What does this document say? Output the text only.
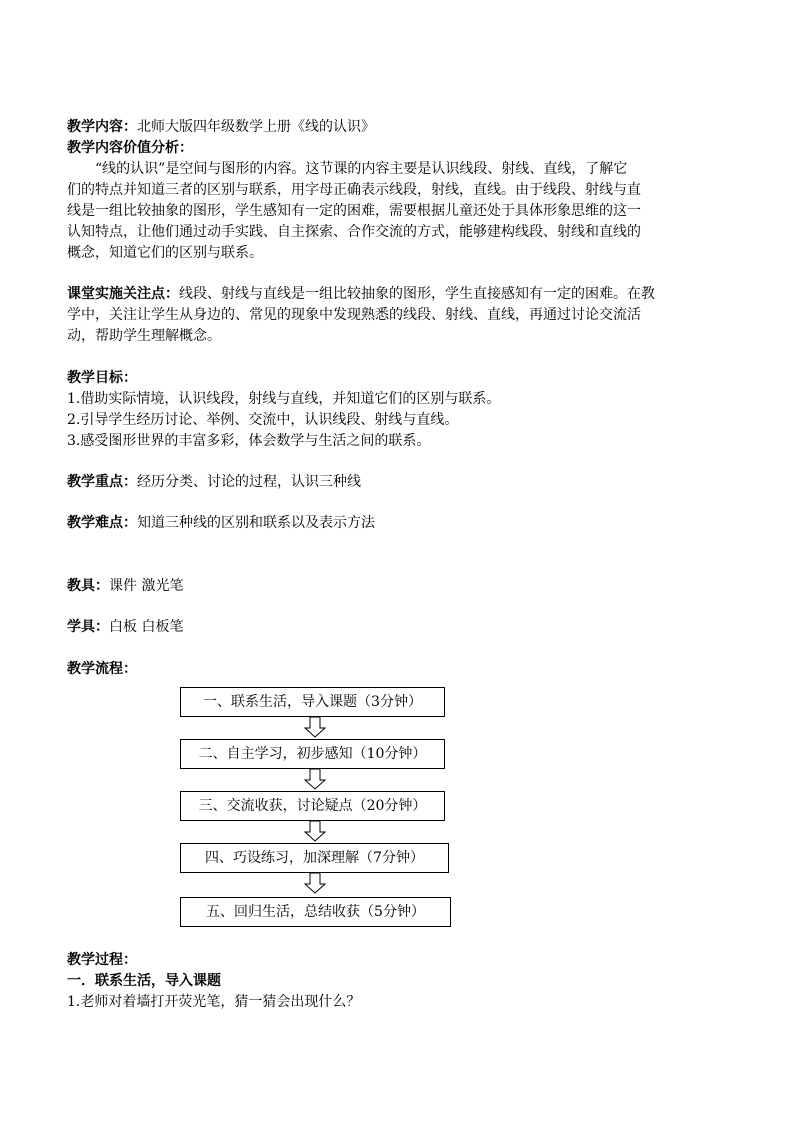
教学内容：北师大版四年级数学上册《线的认识》
教学内容价值分析：
“线的认识”是空间与图形的内容。这节课的内容主要是认识线段、射线、直线，了解它
们的特点并知道三者的区别与联系，用字母正确表示线段，射线，直线。由于线段、射线与直
线是一组比较抽象的图形，学生感知有一定的困难，需要根据儿童还处于具体形象思维的这一
认知特点，让他们通过动手实践、自主探索、合作交流的方式，能够建构线段、射线和直线的
概念，知道它们的区别与联系。
课堂实施关注点：线段、射线与直线是一组比较抽象的图形，学生直接感知有一定的困难。在教
学中，关注让学生从身边的、常见的现象中发现熟悉的线段、射线、直线，再通过讨论交流活
动，帮助学生理解概念。
教学目标：
1.借助实际情境，认识线段，射线与直线，并知道它们的区别与联系。
2.引导学生经历讨论、举例、交流中，认识线段、射线与直线。
3.感受图形世界的丰富多彩，体会数学与生活之间的联系。
教学重点：经历分类、讨论的过程，认识三种线
教学难点：知道三种线的区别和联系以及表示方法
教具：课件 激光笔
学具：白板 白板笔
教学流程：
一、联系生活，导入课题（3分钟）
二、自主学习，初步感知（10分钟）
三、交流收获，讨论疑点（20分钟）
四、巧设练习，加深理解（7分钟）
五、回归生活，总结收获（5分钟）
教学过程：
一．联系生活，导入课题
1.老师对着墙打开荧光笔，猜一猜会出现什么？
